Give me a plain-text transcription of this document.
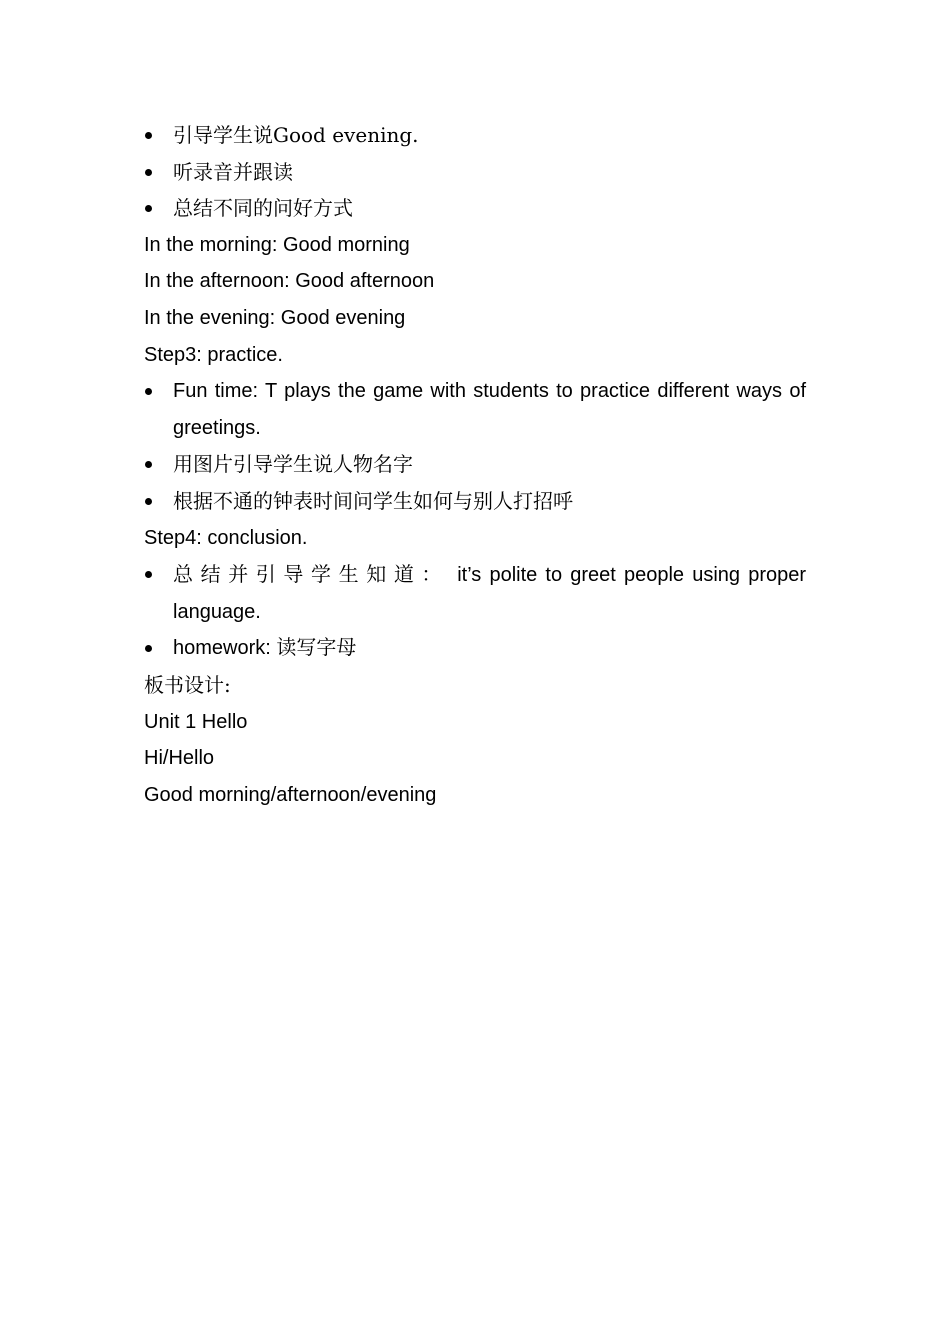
引导学生说Good evening.
听录音并跟读
总结不同的问好方式
In the morning: Good morning
In the afternoon: Good afternoon
In the evening: Good evening
Step3: practice.
Fun time: T plays the game with students to practice different ways of greetings.
用图片引导学生说人物名字
根据不通的钟表时间问学生如何与别人打招呼
Step4: conclusion.
总结并引导学生知道： it’s polite to greet people using proper language.
homework: 读写字母
板书设计:
Unit 1 Hello
Hi/Hello
Good morning/afternoon/evening
